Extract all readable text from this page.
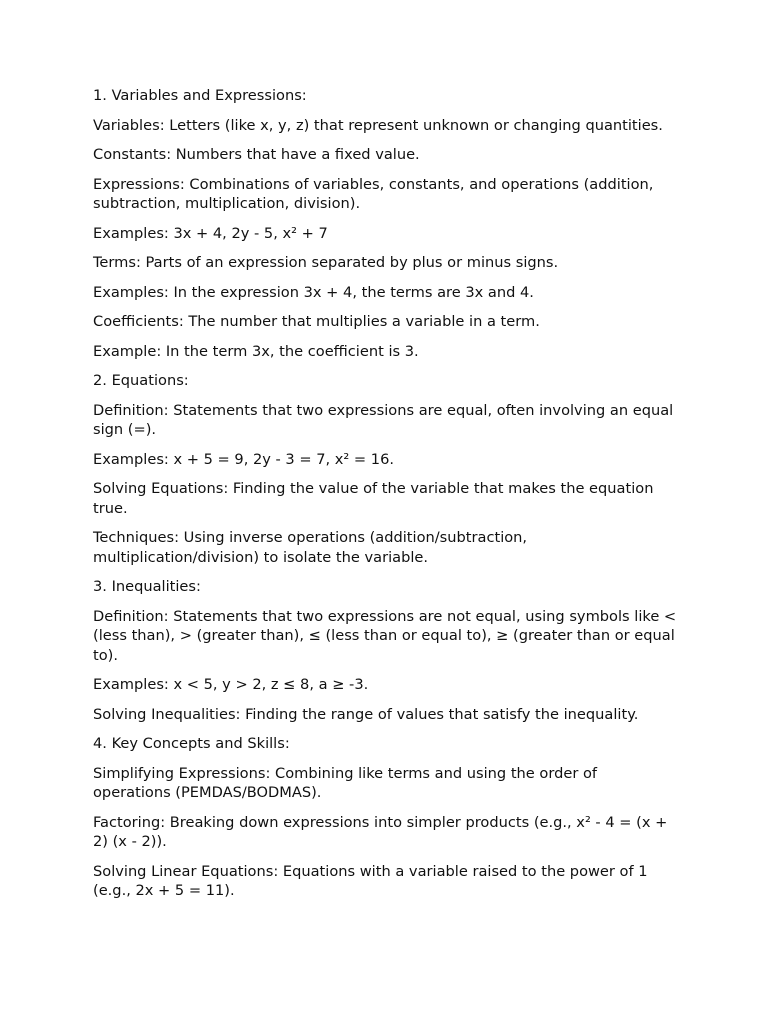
1. Variables and Expressions:

Variables: Letters (like x, y, z) that represent unknown or changing quantities.

Constants: Numbers that have a fixed value.

Expressions: Combinations of variables, constants, and operations (addition, subtraction, multiplication, division).

Examples: 3x + 4, 2y - 5, x² + 7

Terms: Parts of an expression separated by plus or minus signs.

Examples: In the expression 3x + 4, the terms are 3x and 4.

Coefficients: The number that multiplies a variable in a term.

Example: In the term 3x, the coefficient is 3.

2. Equations:

Definition: Statements that two expressions are equal, often involving an equal sign (=).

Examples: x + 5 = 9, 2y - 3 = 7, x² = 16.

Solving Equations: Finding the value of the variable that makes the equation true.

Techniques: Using inverse operations (addition/subtraction, multiplication/division) to isolate the variable.

3. Inequalities:

Definition: Statements that two expressions are not equal, using symbols like < (less than), > (greater than), ≤ (less than or equal to), ≥ (greater than or equal to).

Examples: x < 5, y > 2, z ≤ 8, a ≥ -3.

Solving Inequalities: Finding the range of values that satisfy the inequality.

4. Key Concepts and Skills:

Simplifying Expressions: Combining like terms and using the order of operations (PEMDAS/BODMAS).

Factoring: Breaking down expressions into simpler products (e.g., x² - 4 = (x + 2) (x - 2)).

Solving Linear Equations: Equations with a variable raised to the power of 1 (e.g., 2x + 5 = 11).
